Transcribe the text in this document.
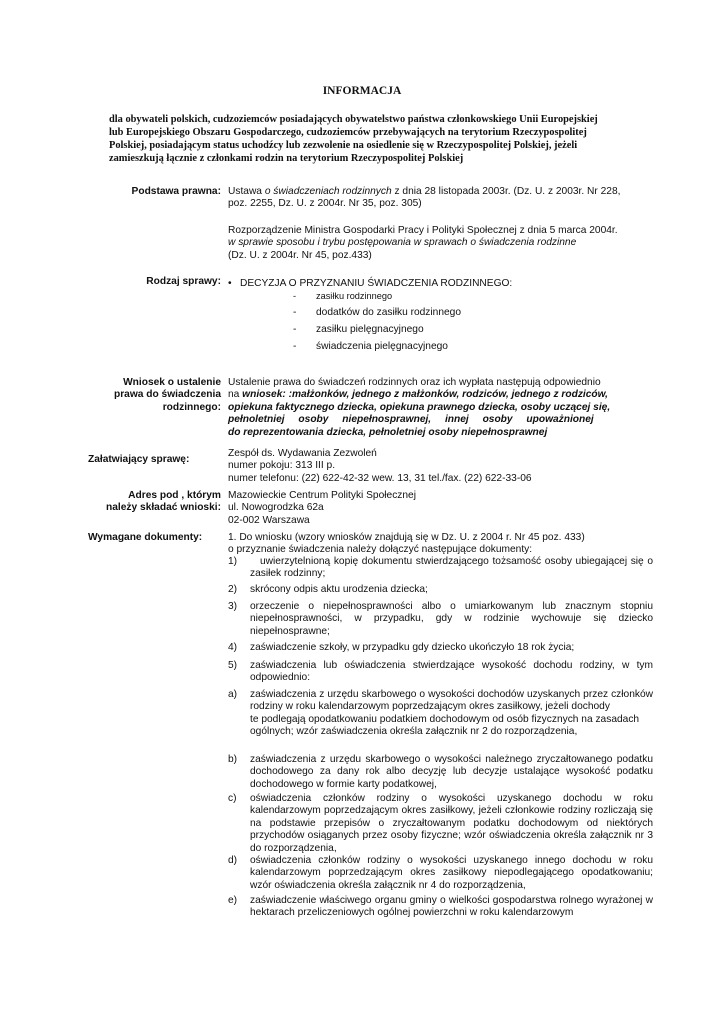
INFORMACJA

dla obywateli polskich, cudzoziemców posiadających obywatelstwo państwa członkowskiego Unii Europejskiej

lub Europejskiego Obszaru Gospodarczego, cudzoziemców przebywających na terytorium Rzeczypospolitej

Polskiej, posiadającym status uchodźcy lub zezwolenie na osiedlenie się w Rzeczypospolitej Polskiej, jeżeli

zamieszkują łącznie z członkami rodzin na terytorium Rzeczypospolitej Polskiej

Podstawa prawna: Ustawa o świadczeniach rodzinnych z dnia 28 listopada 2003r. (Dz. U. z 2003r. Nr 228,

poz. 2255, Dz. U. z 2004r. Nr 35, poz. 305)

Rozporządzenie Ministra Gospodarki Pracy i Polityki Społecznej z dnia 5 marca 2004r.

w sprawie sposobu i trybu postępowania w sprawach o świadczenia rodzinne

(Dz. U. z 2004r. Nr 45, poz.433)

Rodzaj sprawy: • DECYZJA O PRZYZNANIU ŚWIADCZENIA RODZINNEGO:
- zasiłku rodzinnego
- dodatków do zasiłku rodzinnego
- zasiłku pielęgnacyjnego
- świadczenia pielęgnacyjnego
Wniosek o ustalenie
prawa do świadczenia
rodzinnego:

Ustalenie prawa do świadczeń rodzinnych oraz ich wypłata następują odpowiednio

na wniosek: :małżonków, jednego z małżonków, rodziców, jednego z rodziców,

opiekuna faktycznego dziecka, opiekuna prawnego dziecka, osoby uczącej się,

pełnoletniej osoby niepełnosprawnej, innej osoby upoważnionej

do reprezentowania dziecka, pełnoletniej osoby niepełnosprawnej

Załatwiający sprawę:

Zespół ds. Wydawania Zezwoleń

numer pokoju: 313 III p.

numer telefonu: (22) 622-42-32 wew. 13, 31 tel./fax. (22) 622-33-06

Adres pod , którym
należy składać wnioski:

Mazowieckie Centrum Polityki Społecznej

ul. Nowogrodzka 62a

02-002 Warszawa

Wymagane dokumenty:	1. Do wniosku (wzory wniosków znajdują się w Dz. U. z 2004 r. Nr 45 poz. 433)

o przyznanie świadczenia należy dołączyć następujące dokumenty:

1)	uwierzytelnioną kopię dokumentu stwierdzającego tożsamość osoby ubiegającej się o zasiłek rodzinny;
2)	skrócony odpis aktu urodzenia dziecka;
3)	orzeczenie o niepełnosprawności albo o umiarkowanym lub znacznym stopniu niepełnosprawności, w przypadku, gdy w rodzinie wychowuje się dziecko niepełnosprawne;
4)	zaświadczenie szkoły, w przypadku gdy dziecko ukończyło 18 rok życia;
5)	zaświadczenia lub oświadczenia stwierdzające wysokość dochodu rodziny, w tym odpowiednio:
a)	zaświadczenia z urzędu skarbowego o wysokości dochodów uzyskanych przez członków rodziny w roku kalendarzowym poprzedzającym okres zasiłkowy, jeżeli dochody
te podlegają opodatkowaniu podatkiem dochodowym od osób fizycznych na zasadach ogólnych; wzór zaświadczenia określa załącznik nr 2 do rozporządzenia,
b)	zaświadczenia z urzędu skarbowego o wysokości należnego zryczałtowanego podatku dochodowego za dany rok albo decyzję lub decyzje ustalające wysokość podatku dochodowego w formie karty podatkowej,
c)	oświadczenia członków rodziny o wysokości uzyskanego dochodu w roku kalendarzowym poprzedzającym okres zasiłkowy, jeżeli członkowie rodziny rozliczają się na podstawie przepisów o zryczałtowanym podatku dochodowym od niektórych przychodów osiąganych przez osoby fizyczne; wzór oświadczenia określa załącznik nr 3 do rozporządzenia,
d)	oświadczenia członków rodziny o wysokości uzyskanego innego dochodu w roku kalendarzowym poprzedzającym okres zasiłkowy niepodlegającego opodatkowaniu; wzór oświadczenia określa załącznik nr 4 do rozporządzenia,
e)	zaświadczenie właściwego organu gminy o wielkości gospodarstwa rolnego wyrażonej w hektarach przeliczeniowych ogólnej powierzchni w roku kalendarzowym
